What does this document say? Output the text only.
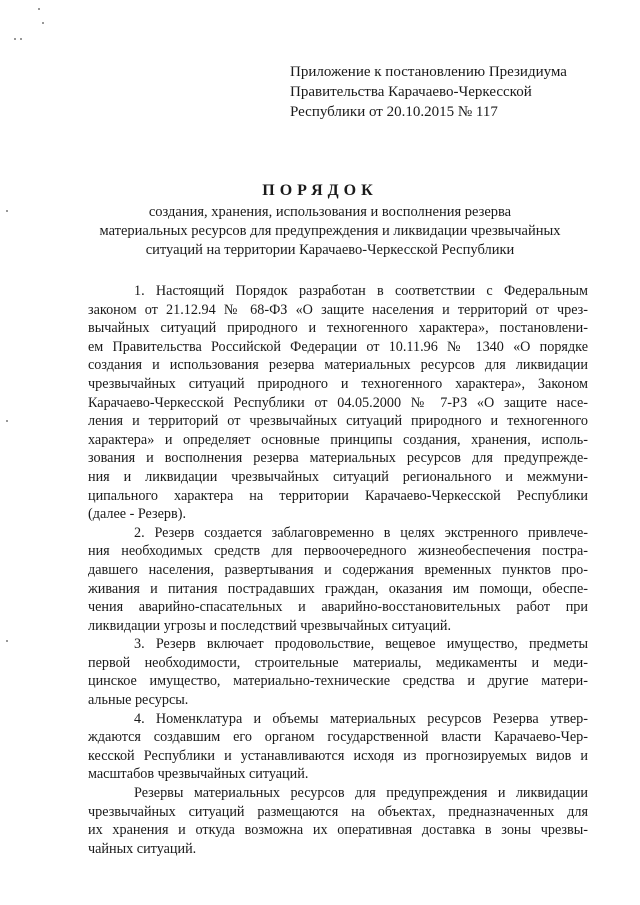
Приложение к постановлению Президиума
Правительства Карачаево-Черкесской
Республики от 20.10.2015 № 117
ПОРЯДОК
создания, хранения, использования и восполнения резерва
материальных ресурсов для предупреждения и ликвидации чрезвычайных
ситуаций на территории Карачаево-Черкесской Республики
1. Настоящий Порядок разработан в соответствии с Федеральным
законом от 21.12.94 № 68-ФЗ «О защите населения и территорий от чрез-
вычайных ситуаций природного и техногенного характера», постановлени-
ем Правительства Российской Федерации от 10.11.96 № 1340 «О порядке
создания и использования резерва материальных ресурсов для ликвидации
чрезвычайных ситуаций природного и техногенного характера», Законом
Карачаево-Черкесской Республики от 04.05.2000 № 7-РЗ «О защите насе-
ления и территорий от чрезвычайных ситуаций природного и техногенного
характера» и определяет основные принципы создания, хранения, исполь-
зования и восполнения резерва материальных ресурсов для предупрежде-
ния и ликвидации чрезвычайных ситуаций регионального и межмуни-
ципального характера на территории Карачаево-Черкесской Республики
(далее - Резерв).
2. Резерв создается заблаговременно в целях экстренного привлече-
ния необходимых средств для первоочередного жизнеобеспечения постра-
давшего населения, развертывания и содержания временных пунктов про-
живания и питания пострадавших граждан, оказания им помощи, обеспе-
чения аварийно-спасательных и аварийно-восстановительных работ при
ликвидации угрозы и последствий чрезвычайных ситуаций.
3. Резерв включает продовольствие, вещевое имущество, предметы
первой необходимости, строительные материалы, медикаменты и меди-
цинское имущество, материально-технические средства и другие матери-
альные ресурсы.
4. Номенклатура и объемы материальных ресурсов Резерва утвер-
ждаются создавшим его органом государственной власти Карачаево-Чер-
кесской Республики и устанавливаются исходя из прогнозируемых видов и
масштабов чрезвычайных ситуаций.
Резервы материальных ресурсов для предупреждения и ликвидации
чрезвычайных ситуаций размещаются на объектах, предназначенных для
их хранения и откуда возможна их оперативная доставка в зоны чрезвы-
чайных ситуаций.
